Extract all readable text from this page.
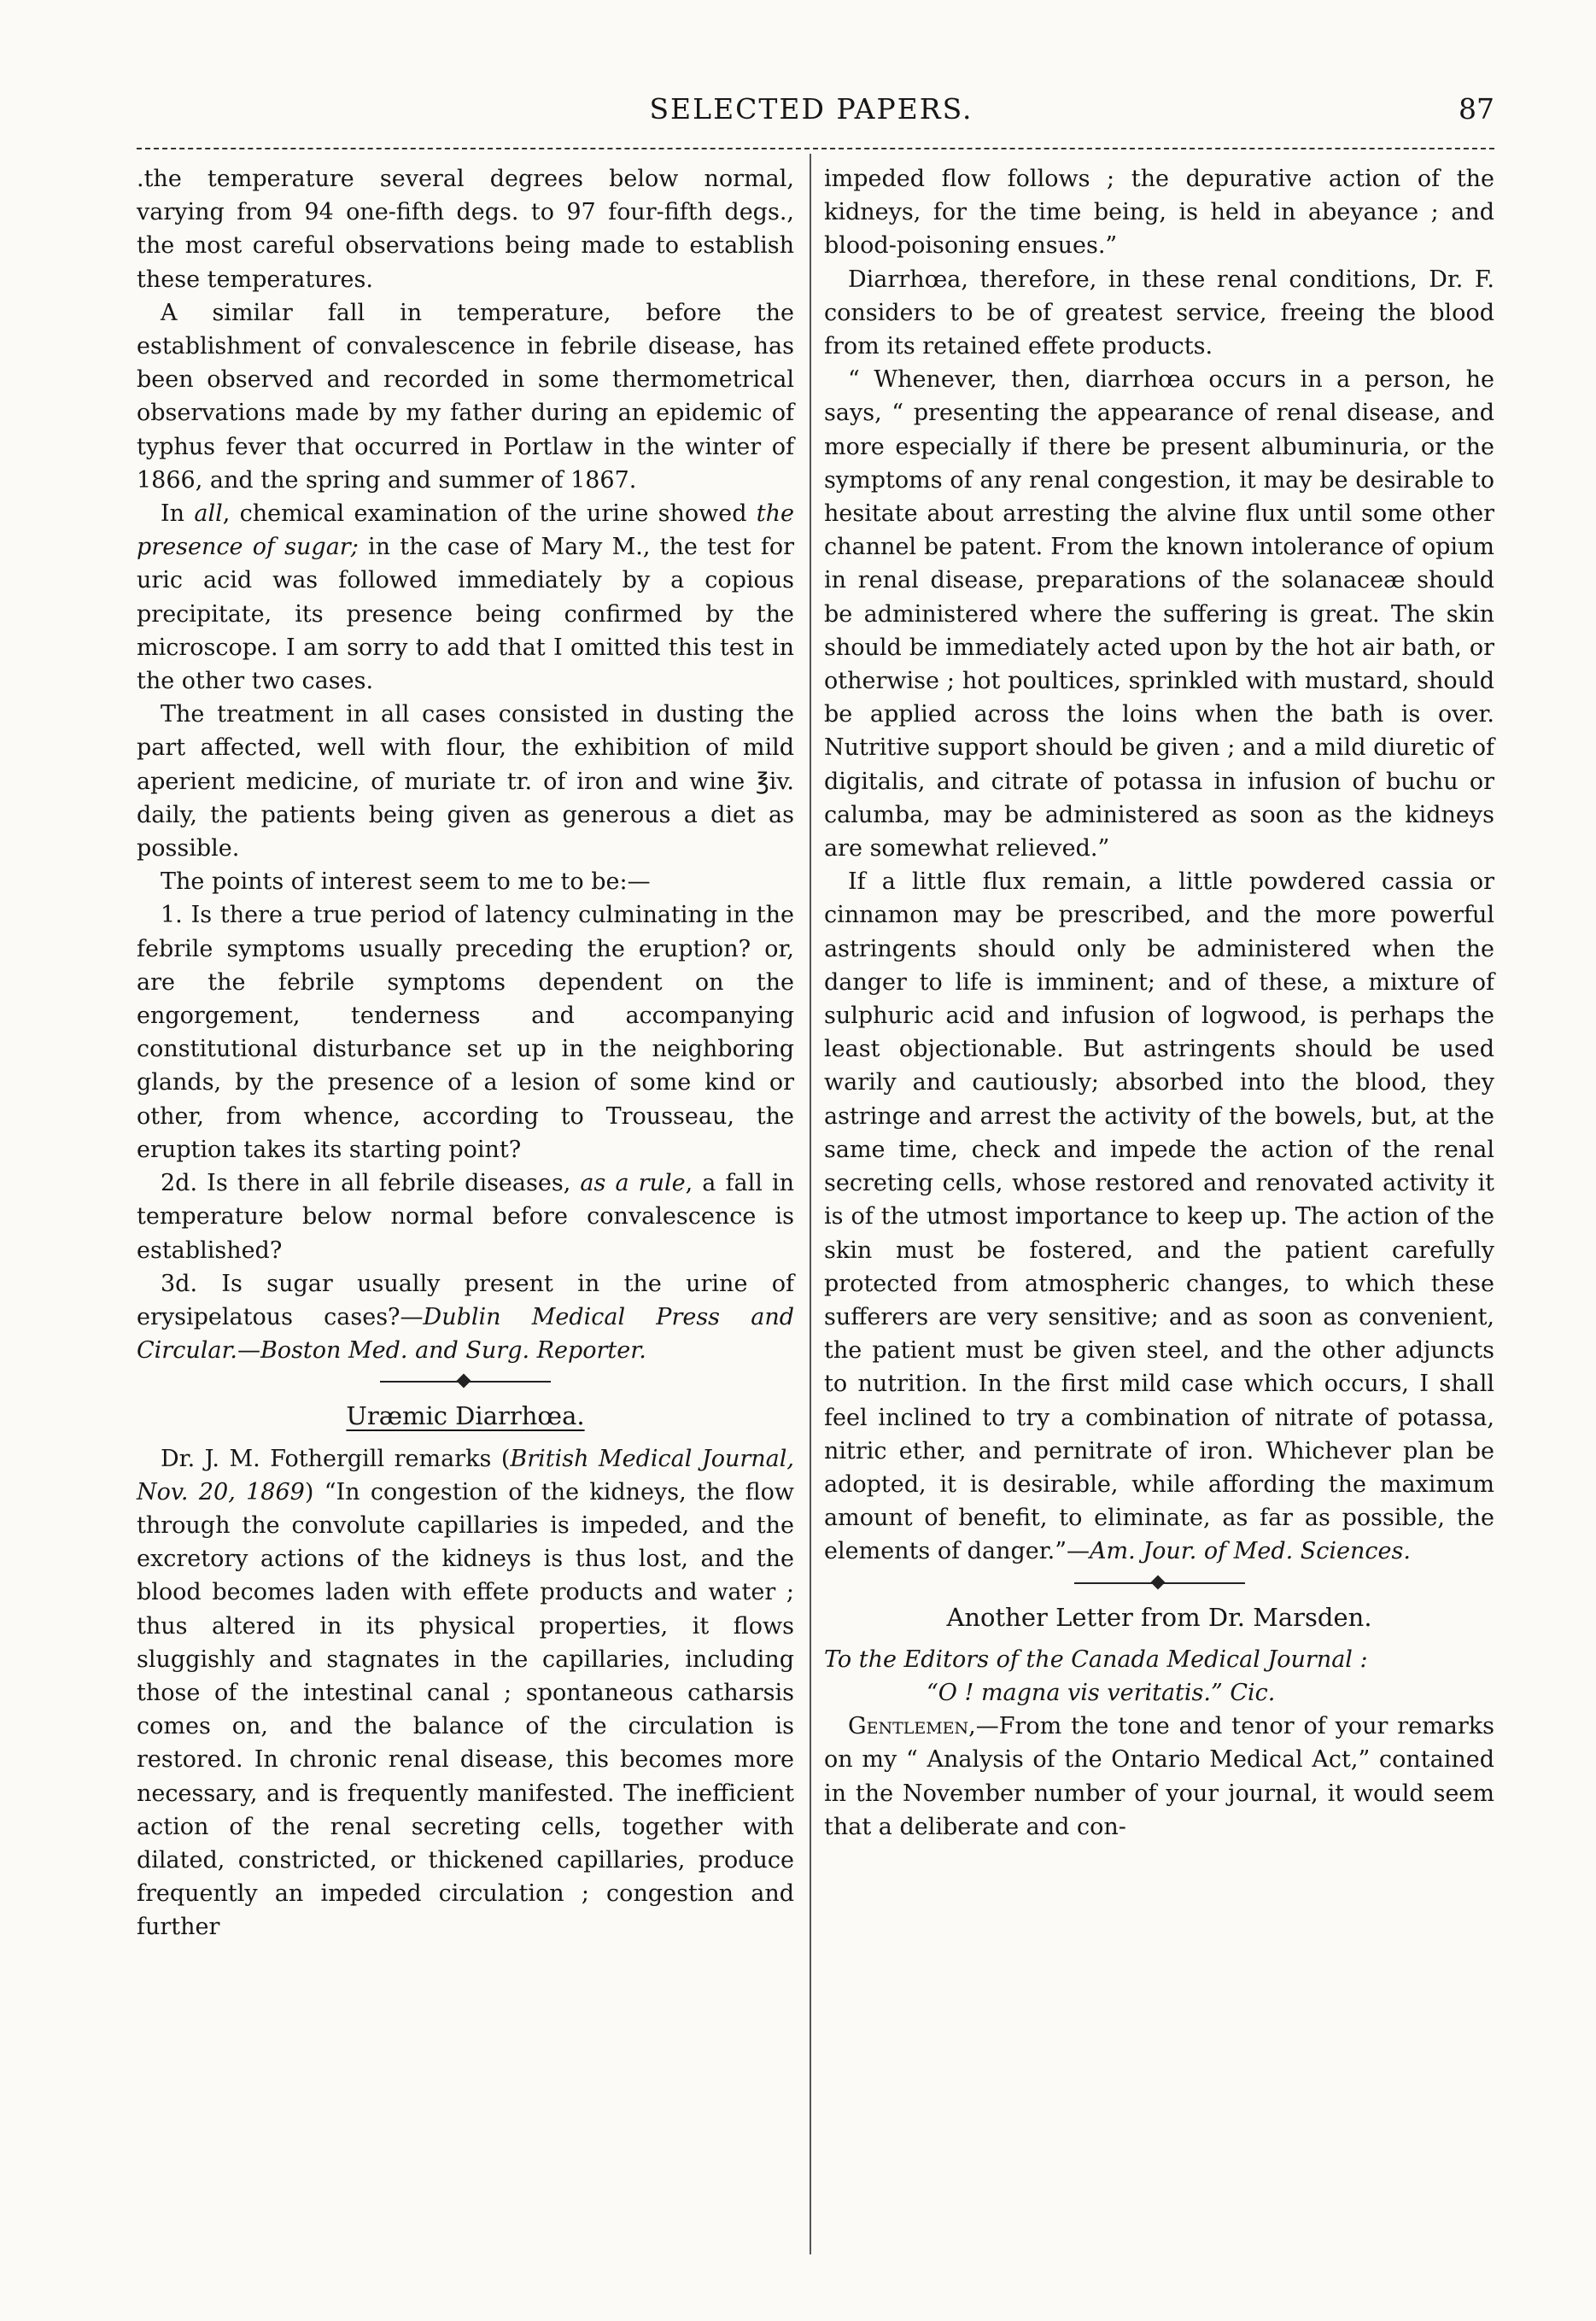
SELECTED PAPERS.	87

.the temperature several degrees below normal, varying from 94 one-fifth degs. to 97 four-fifth degs., the most careful observations being made to establish these temperatures.

A similar fall in temperature, before the establishment of convalescence in febrile disease, has been observed and recorded in some thermometrical observations made by my father during an epidemic of typhus fever that occurred in Portlaw in the winter of 1866, and the spring and summer of 1867.

In all, chemical examination of the urine showed the presence of sugar; in the case of Mary M., the test for uric acid was followed immediately by a copious precipitate, its presence being confirmed by the microscope. I am sorry to add that I omitted this test in the other two cases.

The treatment in all cases consisted in dusting the part affected, well with flour, the exhibition of mild aperient medicine, of muriate tr. of iron and wine ℥iv. daily, the patients being given as generous a diet as possible.

The points of interest seem to me to be:—

1. Is there a true period of latency culminating in the febrile symptoms usually preceding the eruption? or, are the febrile symptoms dependent on the engorgement, tenderness and accompanying constitutional disturbance set up in the neighboring glands, by the presence of a lesion of some kind or other, from whence, according to Trousseau, the eruption takes its starting point?

2d. Is there in all febrile diseases, as a rule, a fall in temperature below normal before convalescence is established?

3d. Is sugar usually present in the urine of erysipelatous cases?—Dublin Medical Press and Circular.—Boston Med. and Surg. Reporter.

Uræmic Diarrhœa.

Dr. J. M. Fothergill remarks (British Medical Journal, Nov. 20, 1869) “In congestion of the kidneys, the flow through the convolute capillaries is impeded, and the excretory actions of the kidneys is thus lost, and the blood becomes laden with effete products and water ; thus altered in its physical properties, it flows sluggishly and stagnates in the capillaries, including those of the intestinal canal ; spontaneous catharsis comes on, and the balance of the circulation is restored. In chronic renal disease, this becomes more necessary, and is frequently manifested. The inefficient action of the renal secreting cells, together with dilated, constricted, or thickened capillaries, produce frequently an impeded circulation ; congestion and further

impeded flow follows ; the depurative action of the kidneys, for the time being, is held in abeyance ; and blood-poisoning ensues.”

Diarrhœa, therefore, in these renal conditions, Dr. F. considers to be of greatest service, freeing the blood from its retained effete products.

“ Whenever, then, diarrhœa occurs in a person, he says, “ presenting the appearance of renal disease, and more especially if there be present albuminuria, or the symptoms of any renal congestion, it may be desirable to hesitate about arresting the alvine flux until some other channel be patent. From the known intolerance of opium in renal disease, preparations of the solanaceæ should be administered where the suffering is great. The skin should be immediately acted upon by the hot air bath, or otherwise ; hot poultices, sprinkled with mustard, should be applied across the loins when the bath is over. Nutritive support should be given ; and a mild diuretic of digitalis, and citrate of potassa in infusion of buchu or calumba, may be administered as soon as the kidneys are somewhat relieved.”

If a little flux remain, a little powdered cassia or cinnamon may be prescribed, and the more powerful astringents should only be administered when the danger to life is imminent; and of these, a mixture of sulphuric acid and infusion of logwood, is perhaps the least objectionable. But astringents should be used warily and cautiously; absorbed into the blood, they astringe and arrest the activity of the bowels, but, at the same time, check and impede the action of the renal secreting cells, whose restored and renovated activity it is of the utmost importance to keep up. The action of the skin must be fostered, and the patient carefully protected from atmospheric changes, to which these sufferers are very sensitive; and as soon as convenient, the patient must be given steel, and the other adjuncts to nutrition. In the first mild case which occurs, I shall feel inclined to try a combination of nitrate of potassa, nitric ether, and pernitrate of iron. Whichever plan be adopted, it is desirable, while affording the maximum amount of benefit, to eliminate, as far as possible, the elements of danger.”—Am. Jour. of Med. Sciences.

Another Letter from Dr. Marsden.

To the Editors of the Canada Medical Journal :

“O ! magna vis veritatis.” Cic.

Gentlemen,—From the tone and tenor of your remarks on my “ Analysis of the Ontario Medical Act,” contained in the November number of your journal, it would seem that a deliberate and con-
